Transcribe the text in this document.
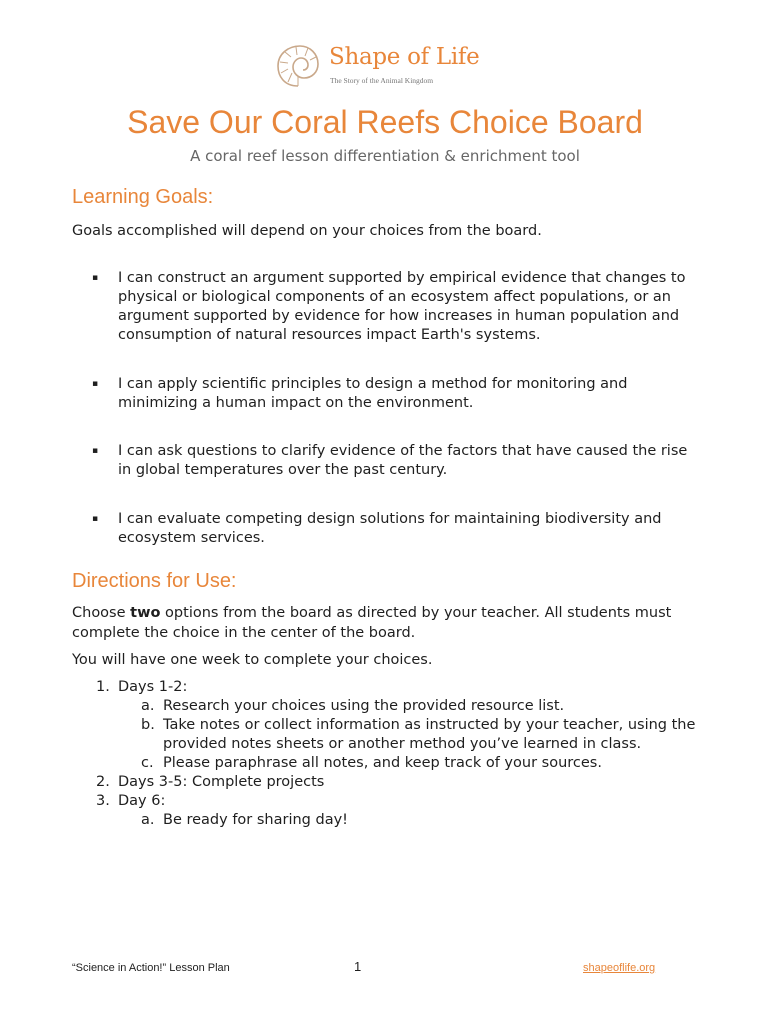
Shape of Life
The Story of the Animal Kingdom
Save Our Coral Reefs Choice Board
A coral reef lesson differentiation & enrichment tool
Learning Goals:
Goals accomplished will depend on your choices from the board.
▪ I can construct an argument supported by empirical evidence that changes to physical or biological components of an ecosystem affect populations, or an argument supported by evidence for how increases in human population and consumption of natural resources impact Earth's systems.
▪ I can apply scientific principles to design a method for monitoring and minimizing a human impact on the environment.
▪ I can ask questions to clarify evidence of the factors that have caused the rise in global temperatures over the past century.
▪ I can evaluate competing design solutions for maintaining biodiversity and ecosystem services.
Directions for Use:
Choose two options from the board as directed by your teacher. All students must complete the choice in the center of the board.
You will have one week to complete your choices.
1. Days 1-2:
a. Research your choices using the provided resource list.
b. Take notes or collect information as instructed by your teacher, using the provided notes sheets or another method you’ve learned in class.
c. Please paraphrase all notes, and keep track of your sources.
2. Days 3-5: Complete projects
3. Day 6:
a. Be ready for sharing day!
“Science in Action!” Lesson Plan	1	shapeoflife.org
